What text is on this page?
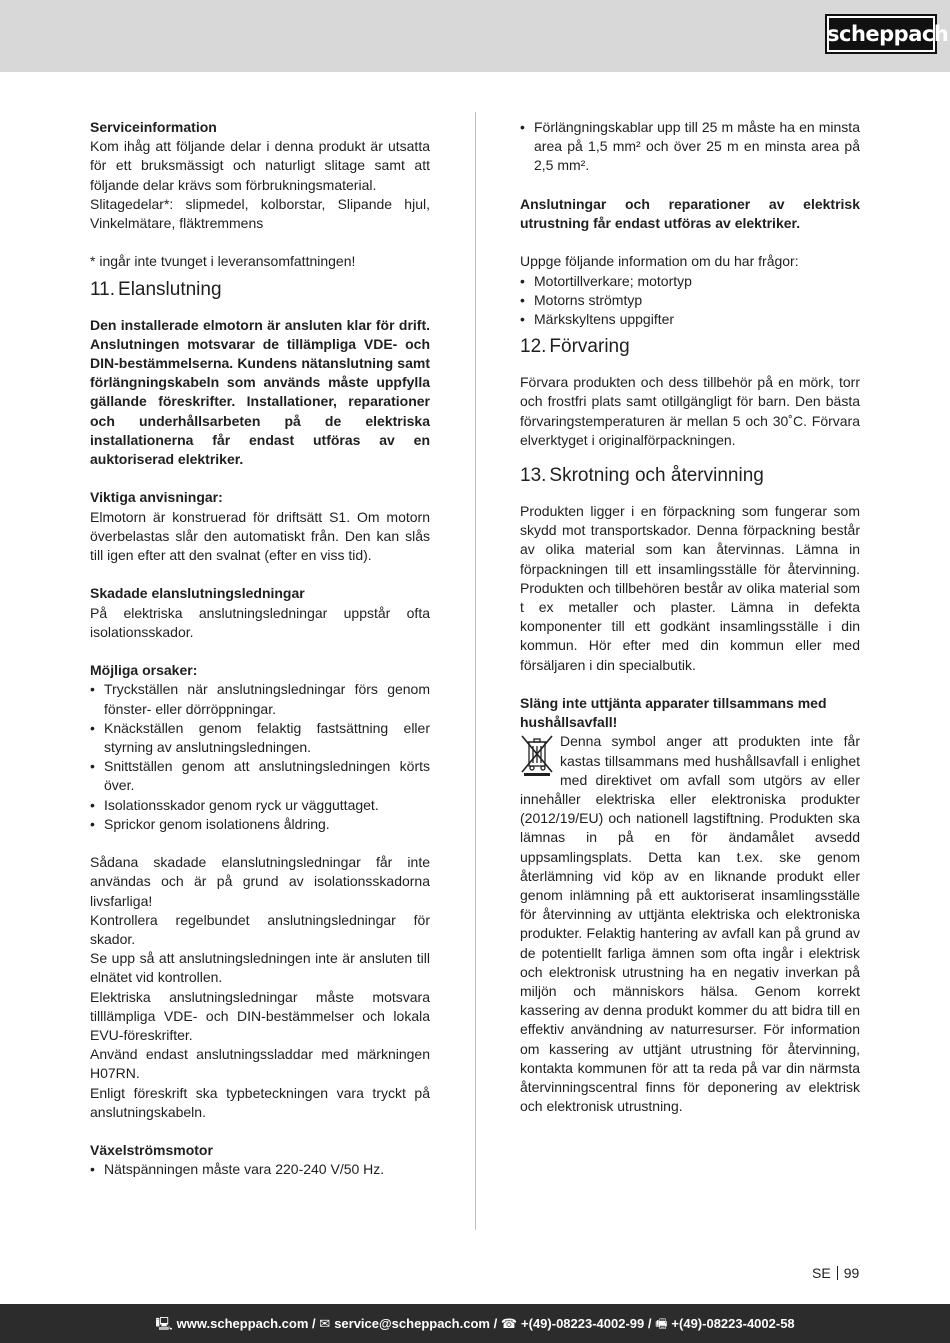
scheppach

Serviceinformation

Kom ihåg att följande delar i denna produkt är utsatta för ett bruksmässigt och naturligt slitage samt att följande delar krävs som förbrukningsmaterial.

Slitagedelar*: slipmedel, kolborstar, Slipande hjul, Vinkelmätare, fläktremmens

* ingår inte tvunget i leveransomfattningen!

11. Elanslutning

Den installerade elmotorn är ansluten klar för drift. Anslutningen motsvarar de tillämpliga VDE- och DIN-bestämmelserna. Kundens nätanslutning samt förlängningskabeln som används måste uppfylla gällande föreskrifter. Installationer, reparationer och underhållsarbeten på de elektriska installationerna får endast utföras av en auktoriserad elektriker.

Viktiga anvisningar:

Elmotorn är konstruerad för driftsätt S1. Om motorn överbelastas slår den automatiskt från. Den kan slås till igen efter att den svalnat (efter en viss tid).

Skadade elanslutningsledningar

På elektriska anslutningsledningar uppstår ofta isolationsskador.

Möjliga orsaker:

• Tryckställen när anslutningsledningar förs genom fönster- eller dörröppningar.
• Knäckställen genom felaktig fastsättning eller styrning av anslutningsledningen.
• Snittställen genom att anslutningsledningen körts över.
• Isolationsskador genom ryck ur vägguttaget.
• Sprickor genom isolationens åldring.

Sådana skadade elanslutningsledningar får inte användas och är på grund av isolationsskadorna livsfarliga!

Kontrollera regelbundet anslutningsledningar för skador.

Se upp så att anslutningsledningen inte är ansluten till elnätet vid kontrollen.

Elektriska anslutningsledningar måste motsvara tilllämpliga VDE- och DIN-bestämmelser och lokala EVU-föreskrifter.

Använd endast anslutningssladdar med märkningen H07RN.

Enligt föreskrift ska typbeteckningen vara tryckt på anslutningskabeln.

Växelströmsmotor

• Nätspänningen måste vara 220-240 V/50 Hz.
• Förlängningskablar upp till 25 m måste ha en minsta area på 1,5 mm² och över 25 m en minsta area på 2,5 mm².

Anslutningar och reparationer av elektrisk utrustning får endast utföras av elektriker.

Uppge följande information om du har frågor:

• Motortillverkare; motortyp
• Motorns strömtyp
• Märkskyltens uppgifter
12. Förvaring

Förvara produkten och dess tillbehör på en mörk, torr och frostfri plats samt otillgängligt för barn. Den bästa förvaringstemperaturen är mellan 5 och 30˚C. Förvara elverktyget i originalförpackningen.

13. Skrotning och återvinning

Produkten ligger i en förpackning som fungerar som skydd mot transportskador. Denna förpackning består av olika material som kan återvinnas. Lämna in förpackningen till ett insamlingsställe för återvinning. Produkten och tillbehören består av olika material som t ex metaller och plaster. Lämna in defekta komponenter till ett godkänt insamlingsställe i din kommun. Hör efter med din kommun eller med försäljaren i din specialbutik.

Släng inte uttjänta apparater tillsammans med hushållsavfall!

Denna symbol anger att produkten inte får kastas tillsammans med hushållsavfall i enlighet med direktivet om avfall som utgörs av eller innehåller elektriska eller elektroniska produkter (2012/19/EU) och nationell lagstiftning. Produkten ska lämnas in på en för ändamålet avsedd uppsamlingsplats. Detta kan t.ex. ske genom återlämning vid köp av en liknande produkt eller genom inlämning på ett auktoriserat insamlingsställe för återvinning av uttjänta elektriska och elektroniska produkter. Felaktig hantering av avfall kan på grund av de potentiellt farliga ämnen som ofta ingår i elektrisk och elektronisk utrustning ha en negativ inverkan på miljön och människors hälsa. Genom korrekt kassering av denna produkt kommer du att bidra till en effektiv användning av naturresurser. För information om kassering av uttjänt utrustning för återvinning, kontakta kommunen för att ta reda på var din närmsta återvinningscentral finns för deponering av elektrisk och elektronisk utrustning.

SE 99
🖳 www.scheppach.com / ✉ service@scheppach.com / ☎ +(49)-08223-4002-99 / 🖷 +(49)-08223-4002-58
